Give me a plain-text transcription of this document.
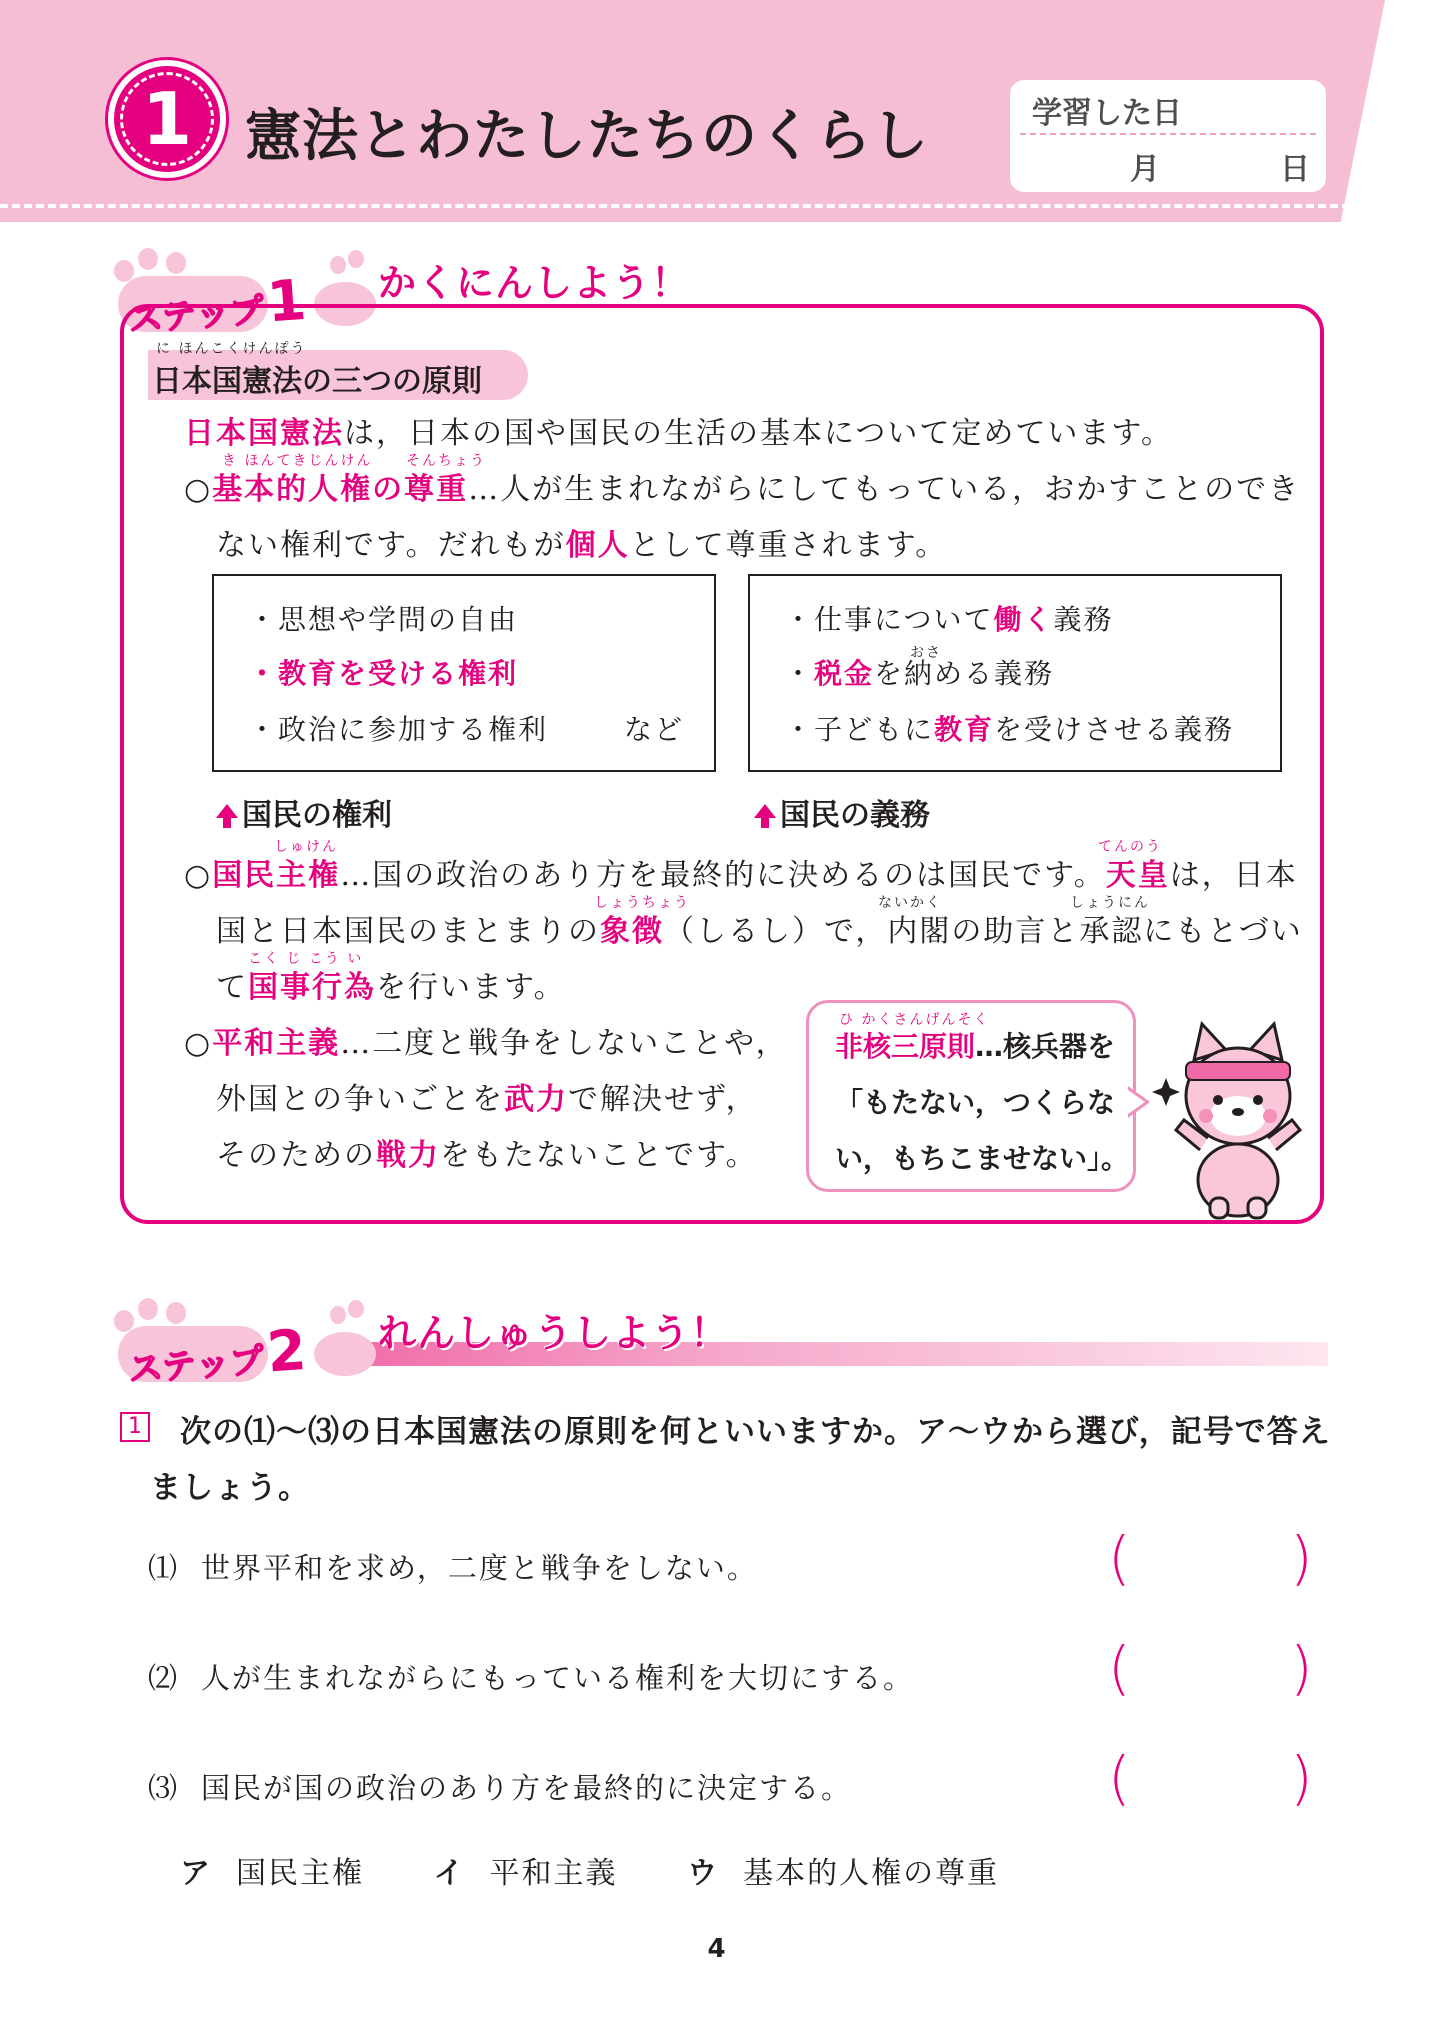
1 憲法とわたしたちのくらし	学習した日
月	日
ステップ1 かくにんしよう！
に ほんこくけんぽう
日本国憲法の三つの原則
日本国憲法は，日本の国や国民の生活の基本について定めています。
き ほんてきじんけん そんちょう
○基本的人権の尊重…人が生まれながらにしてもっている，おかすことのでき
ない権利です。だれもが個人として尊重されます。
・思想や学問の自由
・教育を受ける権利
・政治に参加する権利	など
・仕事について働く義務
おさ
・税金を納める義務
・子どもに教育を受けさせる義務
国民の権利	国民の義務
しゅけん	てんのう
○国民主権…国の政治のあり方を最終的に決めるのは国民です。天皇は，日本
しょうちょう	ないかく	しょうにん
国と日本国民のまとまりの象徴（しるし）で，内閣の助言と承認にもとづい
こく じ こう い
て国事行為を行います。
○平和主義…二度と戦争をしないことや，
外国との争いごとを武力で解決せず，
そのための戦力をもたないことです。
ひ かくさんげんそく
非核三原則…核兵器を
「もたない，つくらな
い，もちこませない」。
ステップ2 れんしゅうしよう！
1 次の⑴～⑶の日本国憲法の原則を何といいますか。ア～ウから選び，記号で答え
ましょう。
⑴ 世界平和を求め，二度と戦争をしない。	(	)
⑵ 人が生まれながらにもっている権利を大切にする。	(	)
⑶ 国民が国の政治のあり方を最終的に決定する。	(	)
ア 国民主権 イ 平和主義 ウ 基本的人権の尊重
4
